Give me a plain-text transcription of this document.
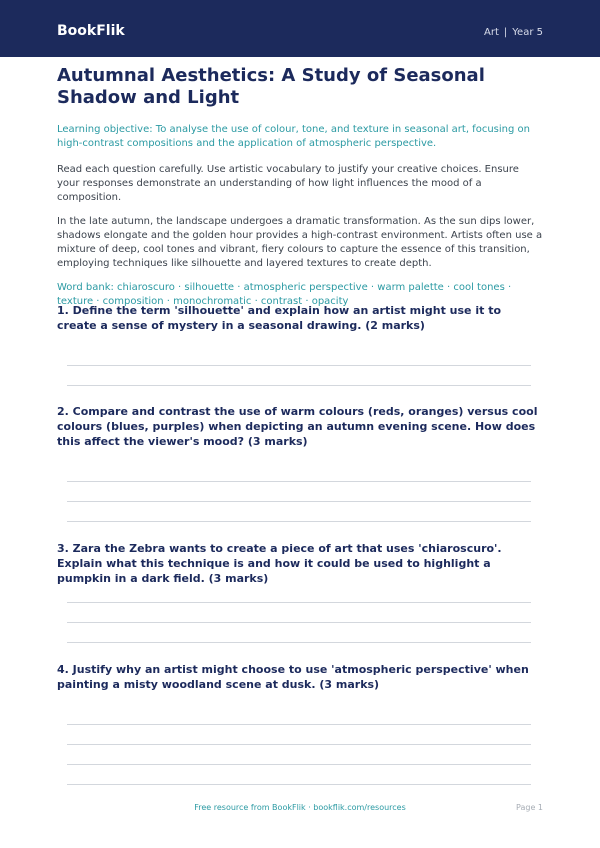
BookFlik	Art | Year 5
Autumnal Aesthetics: A Study of Seasonal Shadow and Light

Learning objective: To analyse the use of colour, tone, and texture in seasonal art, focusing on high-contrast compositions and the application of atmospheric perspective.

Read each question carefully. Use artistic vocabulary to justify your creative choices. Ensure your responses demonstrate an understanding of how light influences the mood of a composition.

In the late autumn, the landscape undergoes a dramatic transformation. As the sun dips lower, shadows elongate and the golden hour provides a high-contrast environment. Artists often use a mixture of deep, cool tones and vibrant, fiery colours to capture the essence of this transition, employing techniques like silhouette and layered textures to create depth.

Word bank: chiaroscuro · silhouette · atmospheric perspective · warm palette · cool tones · texture · composition · monochromatic · contrast · opacity

1. Define the term 'silhouette' and explain how an artist might use it to create a sense of mystery in a seasonal drawing. (2 marks)

2. Compare and contrast the use of warm colours (reds, oranges) versus cool colours (blues, purples) when depicting an autumn evening scene. How does this affect the viewer's mood? (3 marks)

3. Zara the Zebra wants to create a piece of art that uses 'chiaroscuro'. Explain what this technique is and how it could be used to highlight a pumpkin in a dark field. (3 marks)

4. Justify why an artist might choose to use 'atmospheric perspective' when painting a misty woodland scene at dusk. (3 marks)

Free resource from BookFlik · bookflik.com/resources	Page 1
